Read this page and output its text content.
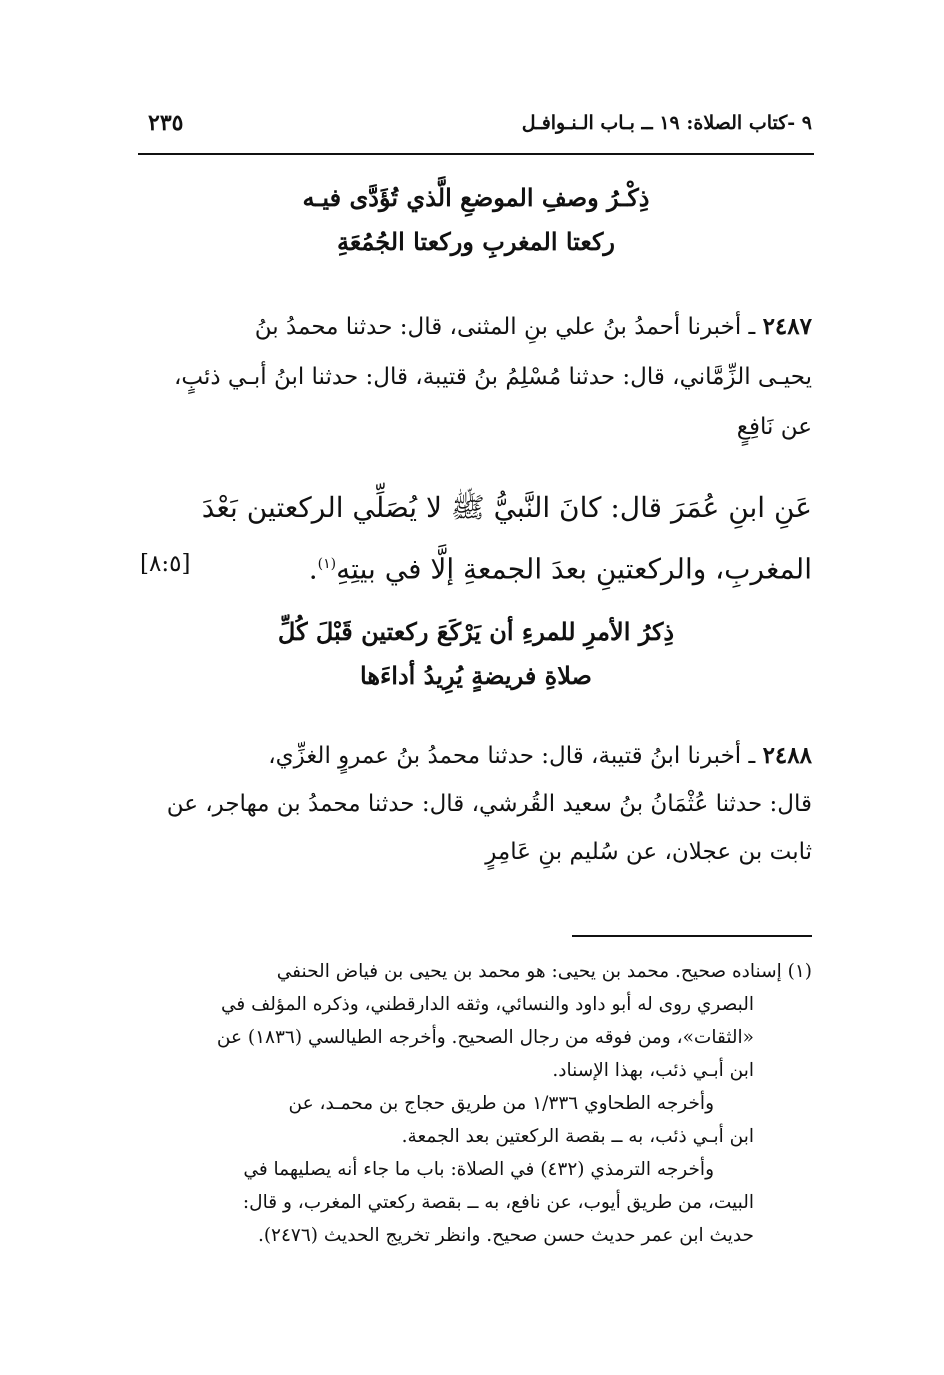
٩ -كتاب الصلاة: ١٩ ــ بـاب الـنـوافـل
٢٣٥
ذِكْـرُ وصفِ الموضعِ الَّذي تُؤَدَّى فيـه
ركعتا المغربِ وركعتا الجُمُعَةِ
٢٤٨٧ ـ أخبرنا أحمدُ بنُ علي بنِ المثنى، قال: حدثنا محمدُ بنُ
يحيـى الزِّمَّاني، قال: حدثنا مُسْلِمُ بنُ قتيبة، قال: حدثنا ابنُ أبـي ذئبٍ،
عن نَافِعٍ
عَنِ ابنِ عُمَرَ قال: كانَ النَّبيُّ ﷺ لا يُصَلِّي الركعتين بَعْدَ
[٨:٥]	المغربِ، والركعتينِ بعدَ الجمعةِ إلَّا في بيتِهِ$^{(١)}$.
ذِكرُ الأمرِ للمرءِ أن يَرْكَعَ ركعتين قَبْلَ كُلِّ
صلاةِ فريضةٍ يُرِيدُ أداءَها
٢٤٨٨ ـ أخبرنا ابنُ قتيبة، قال: حدثنا محمدُ بنُ عمروٍ الغزِّي،
قال: حدثنا عُثْمَانُ بنُ سعيد القُرشي، قال: حدثنا محمدُ بن مهاجر، عن
ثابت بن عجلان، عن سُليم بنِ عَامِرٍ
(١) إسناده صحيح. محمد بن يحيى: هو محمد بن يحيى بن فياض الحنفي
البصري روى له أبو داود والنسائي، وثقه الدارقطني، وذكره المؤلف في
«الثقات»، ومن فوقه من رجال الصحيح. وأخرجه الطيالسي (١٨٣٦) عن
ابن أبـي ذئب، بهذا الإسناد.
وأخرجه الطحاوي ١/٣٣٦ من طريق حجاج بن محمـد، عن
ابن أبـي ذئب، به ــ بقصة الركعتين بعد الجمعة.
وأخرجه الترمذي (٤٣٢) في الصلاة: باب ما جاء أنه يصليهما في
البيت، من طريق أيوب، عن نافع، به ــ بقصة ركعتي المغرب، و قال:
حديث ابن عمر حديث حسن صحيح. وانظر تخريج الحديث (٢٤٧٦).
